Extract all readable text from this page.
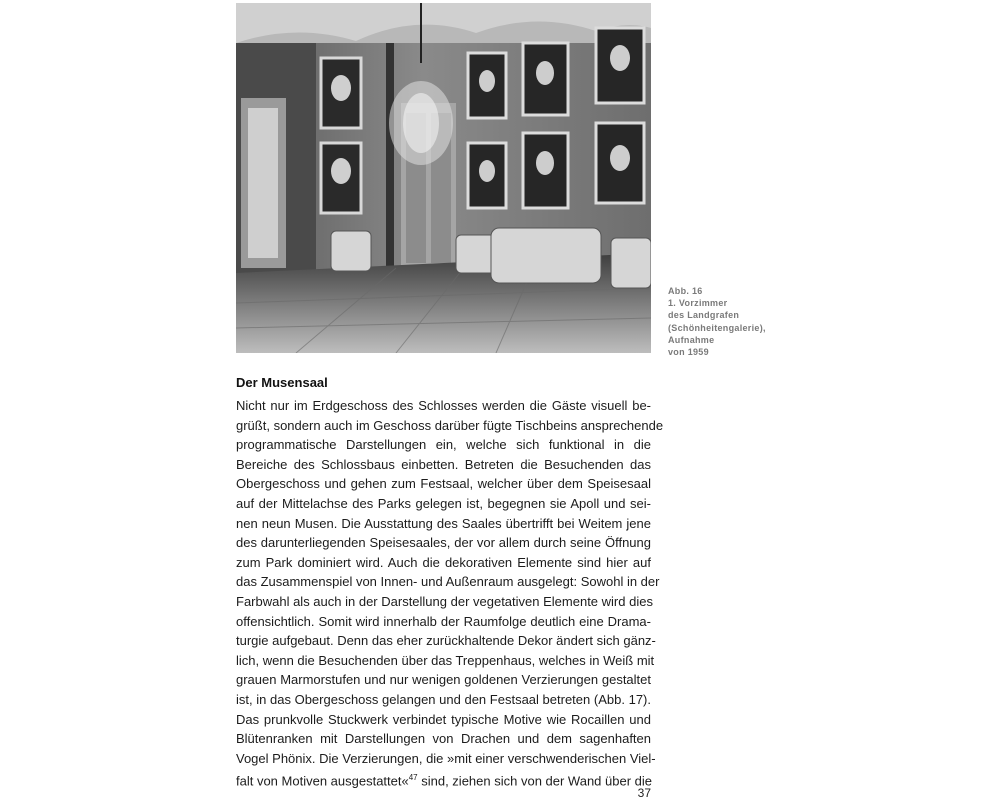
Abb. 16
1. Vorzimmer
des Landgrafen
(Schönheitengalerie),
Aufnahme
von 1959
Der Musensaal
Nicht nur im Erdgeschoss des Schlosses werden die Gäste visuell be-
grüßt, sondern auch im Geschoss darüber fügte Tischbeins ansprechende
programmatische Darstellungen ein, welche sich funktional in die
Bereiche des Schlossbaus einbetten. Betreten die Besuchenden das
Obergeschoss und gehen zum Festsaal, welcher über dem Speisesaal
auf der Mittelachse des Parks gelegen ist, begegnen sie Apoll und sei-
nen neun Musen. Die Ausstattung des Saales übertrifft bei Weitem jene
des darunterliegenden Speisesaales, der vor allem durch seine Öffnung
zum Park dominiert wird. Auch die dekorativen Elemente sind hier auf
das Zusammenspiel von Innen- und Außenraum ausgelegt: Sowohl in der
Farbwahl als auch in der Darstellung der vegetativen Elemente wird dies
offensichtlich. Somit wird innerhalb der Raumfolge deutlich eine Drama-
turgie aufgebaut. Denn das eher zurückhaltende Dekor ändert sich gänz-
lich, wenn die Besuchenden über das Treppenhaus, welches in Weiß mit
grauen Marmorstufen und nur wenigen goldenen Verzierungen gestaltet
ist, in das Obergeschoss gelangen und den Festsaal betreten (Abb. 17).
Das prunkvolle Stuckwerk verbindet typische Motive wie Rocaillen und
Blütenranken mit Darstellungen von Drachen und dem sagenhaften
Vogel Phönix. Die Verzierungen, die »mit einer verschwenderischen Viel-
falt von Motiven ausgestattet«$^{47}$ sind, ziehen sich von der Wand über die
37
